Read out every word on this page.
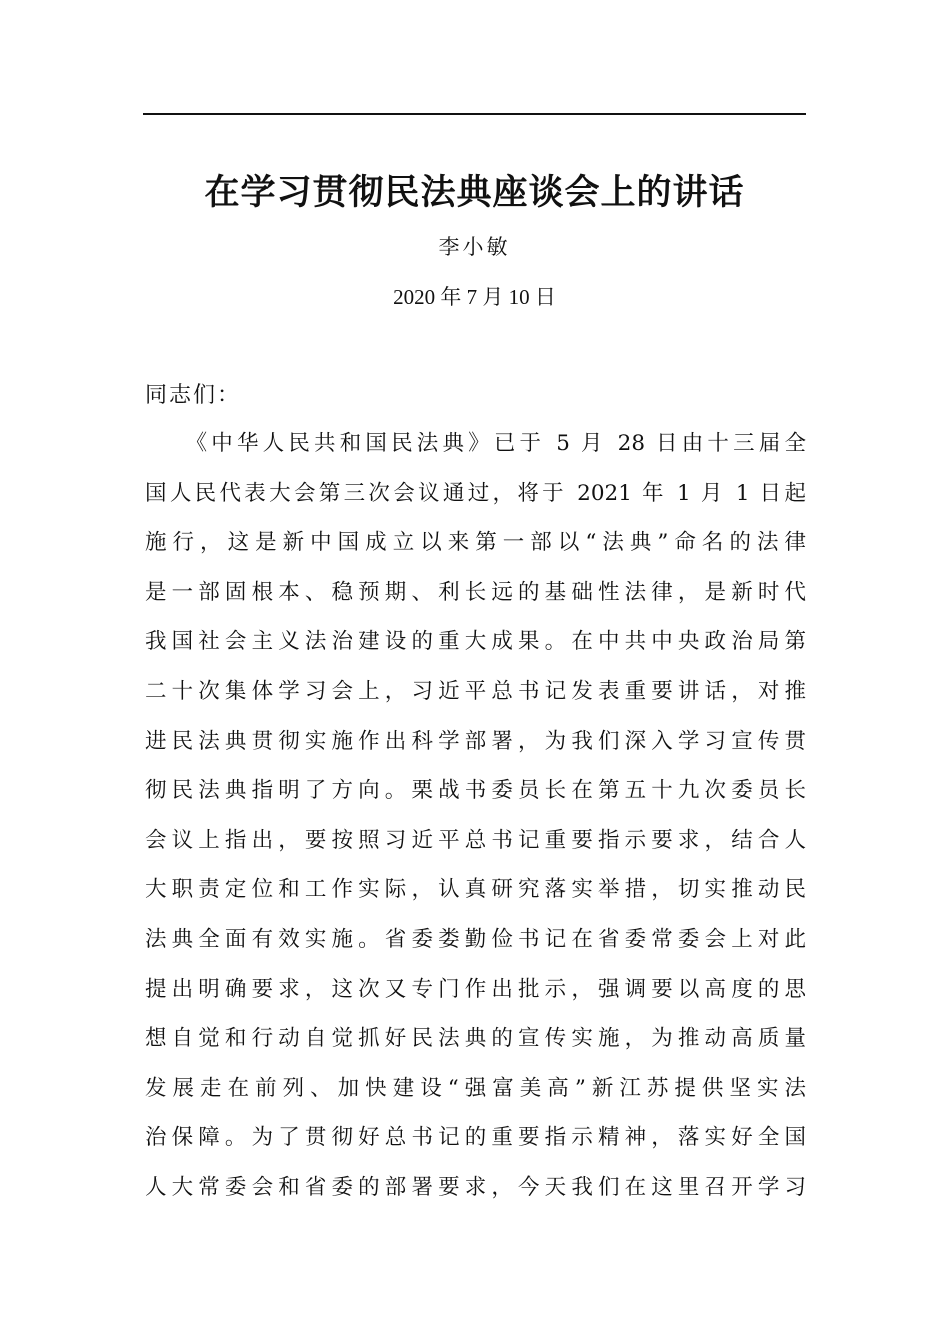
在学习贯彻民法典座谈会上的讲话
李小敏
2020 年 7 月 10 日
同志们：
　　《中华人民共和国民法典》已于 5 月 28 日由十三届全
国人民代表大会第三次会议通过，将于 2021 年 1 月 1 日起
施行，这是新中国成立以来第一部以“法典”命名的法律
是一部固根本、稳预期、利长远的基础性法律，是新时代
我国社会主义法治建设的重大成果。在中共中央政治局第
二十次集体学习会上，习近平总书记发表重要讲话，对推
进民法典贯彻实施作出科学部署，为我们深入学习宣传贯
彻民法典指明了方向。栗战书委员长在第五十九次委员长
会议上指出，要按照习近平总书记重要指示要求，结合人
大职责定位和工作实际，认真研究落实举措，切实推动民
法典全面有效实施。省委娄勤俭书记在省委常委会上对此
提出明确要求，这次又专门作出批示，强调要以高度的思
想自觉和行动自觉抓好民法典的宣传实施，为推动高质量
发展走在前列、加快建设“强富美高”新江苏提供坚实法
治保障。为了贯彻好总书记的重要指示精神，落实好全国
人大常委会和省委的部署要求，今天我们在这里召开学习
